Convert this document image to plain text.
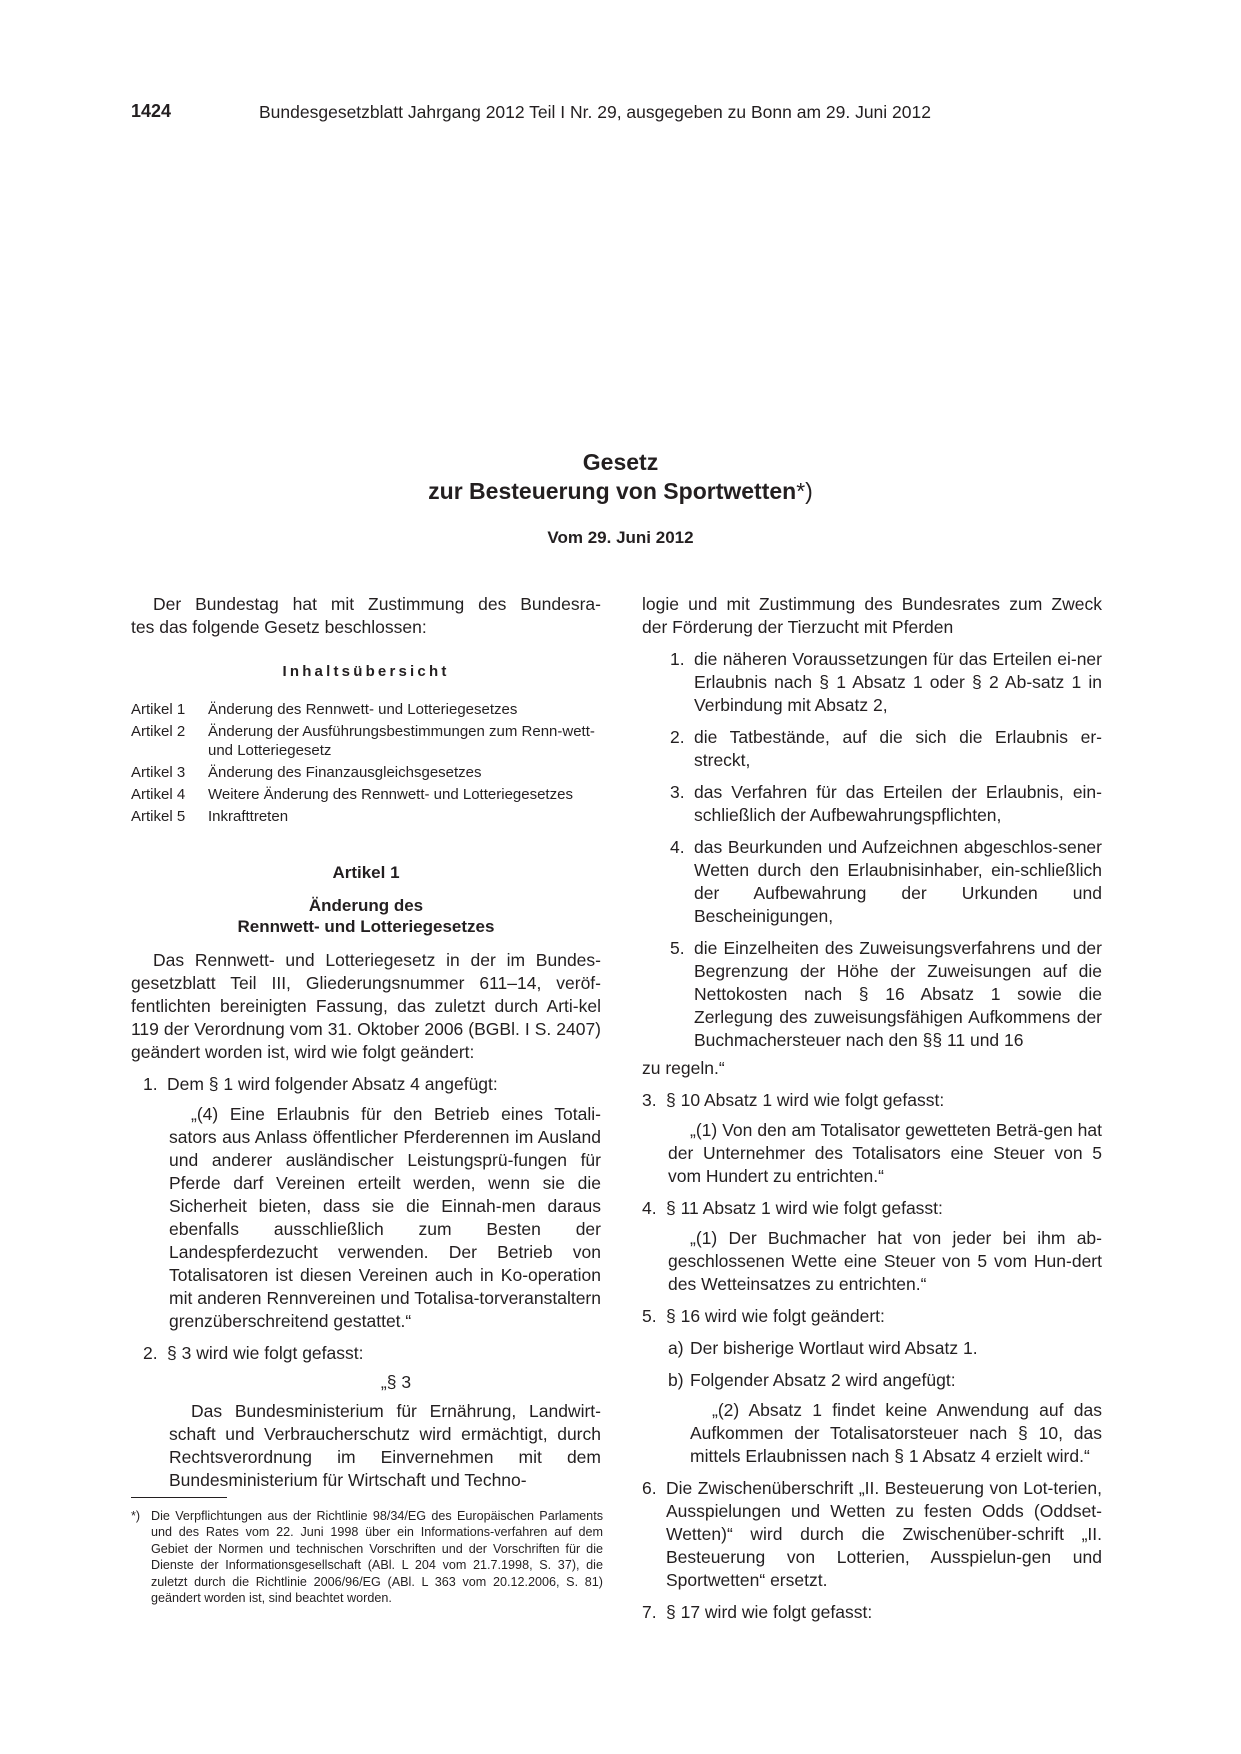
1424	Bundesgesetzblatt Jahrgang 2012 Teil I Nr. 29, ausgegeben zu Bonn am 29. Juni 2012
Gesetz
zur Besteuerung von Sportwetten*)
Vom 29. Juni 2012

Der Bundestag hat mit Zustimmung des Bundesra-

tes das folgende Gesetz beschlossen:

Inhaltsübersicht
Artikel 1	Änderung des Rennwett- und Lotteriegesetzes
Artikel 2	Änderung der Ausführungsbestimmungen zum Renn-wett- und Lotteriegesetz
Artikel 3	Änderung des Finanzausgleichsgesetzes
Artikel 4	Weitere Änderung des Rennwett- und Lotteriegesetzes
Artikel 5	Inkrafttreten
Artikel 1
Änderung des
Rennwett- und Lotteriegesetzes

Das Rennwett- und Lotteriegesetz in der im Bundes-gesetzblatt Teil III, Gliederungsnummer 611–14, veröf-fentlichten bereinigten Fassung, das zuletzt durch Arti-kel 119 der Verordnung vom 31. Oktober 2006 (BGBl. I S. 2407) geändert worden ist, wird wie folgt geändert:

1. Dem § 1 wird folgender Absatz 4 angefügt:

„(4) Eine Erlaubnis für den Betrieb eines Totali-sators aus Anlass öffentlicher Pferderennen im Ausland und anderer ausländischer Leistungsprü-fungen für Pferde darf Vereinen erteilt werden, wenn sie die Sicherheit bieten, dass sie die Einnah-men daraus ebenfalls ausschließlich zum Besten der Landespferdezucht verwenden. Der Betrieb von Totalisatoren ist diesen Vereinen auch in Ko-operation mit anderen Rennvereinen und Totalisa-torveranstaltern grenzüberschreitend gestattet.“

2. § 3 wird wie folgt gefasst:

„§ 3

Das Bundesministerium für Ernährung, Landwirt-schaft und Verbraucherschutz wird ermächtigt, durch Rechtsverordnung im Einvernehmen mit dem Bundesministerium für Wirtschaft und Techno-

*) Die Verpflichtungen aus der Richtlinie 98/34/EG des Europäischen Parlaments und des Rates vom 22. Juni 1998 über ein Informations-verfahren auf dem Gebiet der Normen und technischen Vorschriften und der Vorschriften für die Dienste der Informationsgesellschaft (ABl. L 204 vom 21.7.1998, S. 37), die zuletzt durch die Richtlinie 2006/96/EG (ABl. L 363 vom 20.12.2006, S. 81) geändert worden ist, sind beachtet worden.

logie und mit Zustimmung des Bundesrates zum Zweck der Förderung der Tierzucht mit Pferden

1. die näheren Voraussetzungen für das Erteilen ei-ner Erlaubnis nach § 1 Absatz 1 oder § 2 Ab-satz 1 in Verbindung mit Absatz 2,
2. die Tatbestände, auf die sich die Erlaubnis er-streckt,
3. das Verfahren für das Erteilen der Erlaubnis, ein-schließlich der Aufbewahrungspflichten,
4. das Beurkunden und Aufzeichnen abgeschlos-sener Wetten durch den Erlaubnisinhaber, ein-schließlich der Aufbewahrung der Urkunden und Bescheinigungen,
5. die Einzelheiten des Zuweisungsverfahrens und der Begrenzung der Höhe der Zuweisungen auf die Nettokosten nach § 16 Absatz 1 sowie die Zerlegung des zuweisungsfähigen Aufkommens der Buchmachersteuer nach den §§ 11 und 16

zu regeln.“

3. § 10 Absatz 1 wird wie folgt gefasst:

„(1) Von den am Totalisator gewetteten Beträ-gen hat der Unternehmer des Totalisators eine Steuer von 5 vom Hundert zu entrichten.“

4. § 11 Absatz 1 wird wie folgt gefasst:

„(1) Der Buchmacher hat von jeder bei ihm ab-geschlossenen Wette eine Steuer von 5 vom Hun-dert des Wetteinsatzes zu entrichten.“

5. § 16 wird wie folgt geändert:
a) Der bisherige Wortlaut wird Absatz 1.
b) Folgender Absatz 2 wird angefügt:

„(2) Absatz 1 findet keine Anwendung auf das Aufkommen der Totalisatorsteuer nach § 10, das mittels Erlaubnissen nach § 1 Absatz 4 erzielt wird.“

6. Die Zwischenüberschrift „II. Besteuerung von Lot-terien, Ausspielungen und Wetten zu festen Odds (Oddset-Wetten)“ wird durch die Zwischenüber-schrift „II. Besteuerung von Lotterien, Ausspielun-gen und Sportwetten“ ersetzt.
7. § 17 wird wie folgt gefasst:
